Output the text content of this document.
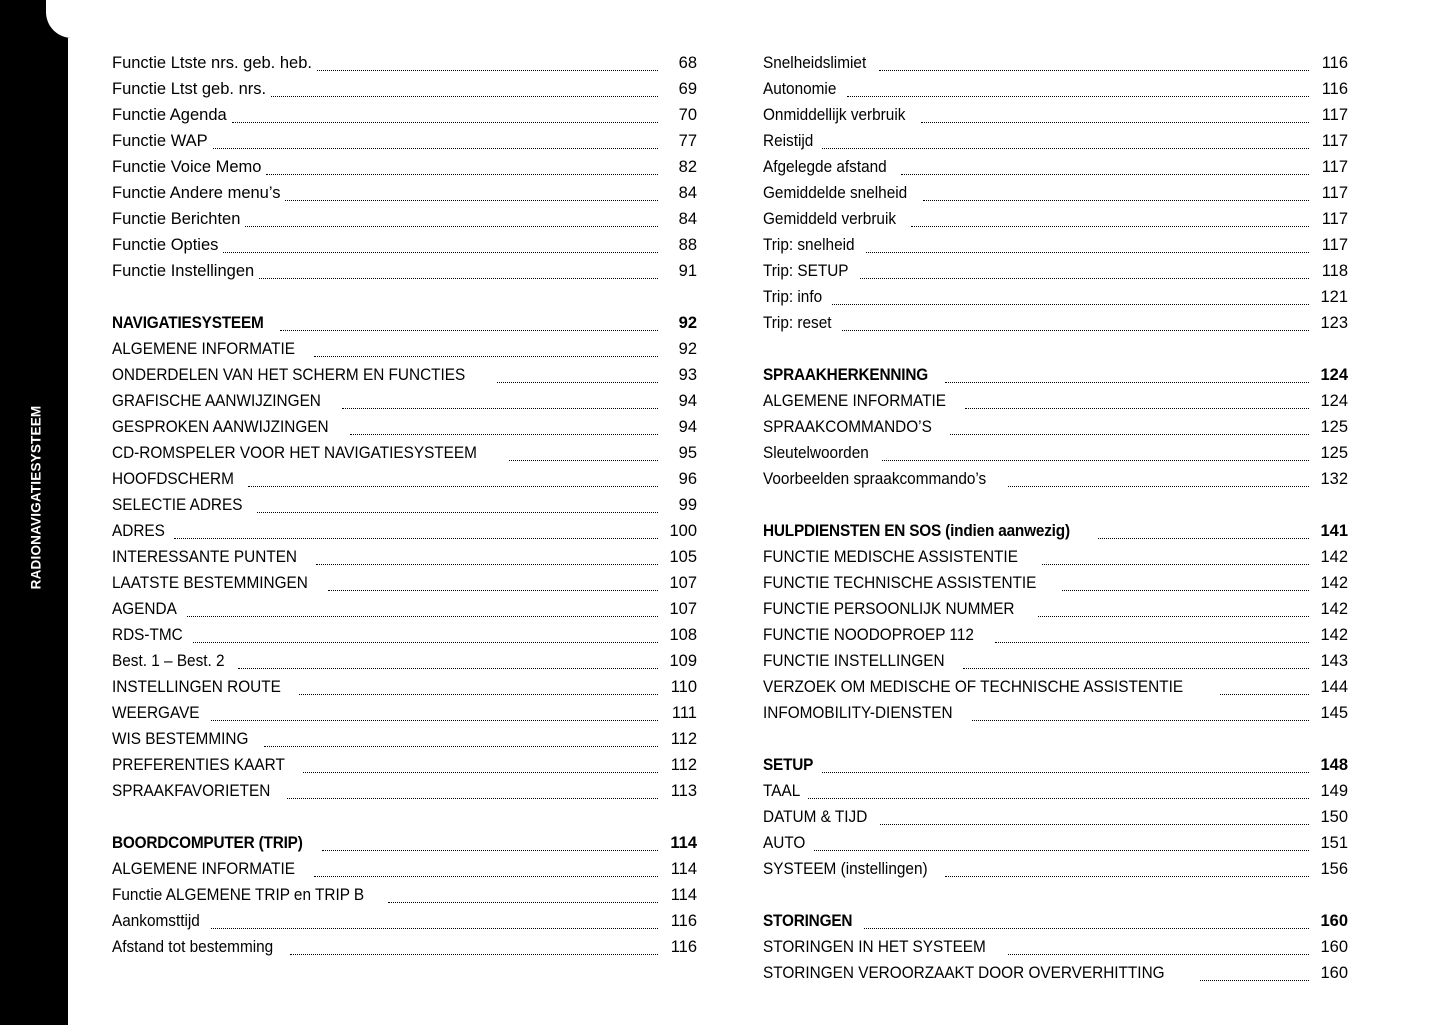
RADIONAVIGATIESYSTEEM
4
Functie Ltste nrs. geb. heb.	68
Functie Ltst geb. nrs.	69
Functie Agenda	70
Functie WAP	77
Functie Voice Memo	82
Functie Andere menu’s	84
Functie Berichten	84
Functie Opties	88
Functie Instellingen	91
NAVIGATIESYSTEEM	92
ALGEMENE INFORMATIE	92
ONDERDELEN VAN HET SCHERM EN FUNCTIES	93
GRAFISCHE AANWIJZINGEN	94
GESPROKEN AANWIJZINGEN	94
CD-ROMSPELER VOOR HET NAVIGATIESYSTEEM	95
HOOFDSCHERM	96
SELECTIE ADRES	99
ADRES	100
INTERESSANTE PUNTEN	105
LAATSTE BESTEMMINGEN	107
AGENDA	107
RDS-TMC	108
Best. 1 – Best. 2	109
INSTELLINGEN ROUTE	110
WEERGAVE	111
WIS BESTEMMING	112
PREFERENTIES KAART	112
SPRAAKFAVORIETEN	113
BOORDCOMPUTER (TRIP)	114
ALGEMENE INFORMATIE	114
Functie ALGEMENE TRIP en TRIP B	114
Aankomsttijd	116
Afstand tot bestemming	116
Snelheidslimiet	116
Autonomie	116
Onmiddellijk verbruik	117
Reistijd	117
Afgelegde afstand	117
Gemiddelde snelheid	117
Gemiddeld verbruik	117
Trip: snelheid	117
Trip: SETUP	118
Trip: info	121
Trip: reset	123
SPRAAKHERKENNING	124
ALGEMENE INFORMATIE	124
SPRAAKCOMMANDO’S	125
Sleutelwoorden	125
Voorbeelden spraakcommando’s	132
HULPDIENSTEN EN SOS (indien aanwezig)	141
FUNCTIE MEDISCHE ASSISTENTIE	142
FUNCTIE TECHNISCHE ASSISTENTIE	142
FUNCTIE PERSOONLIJK NUMMER	142
FUNCTIE NOODOPROEP 112	142
FUNCTIE INSTELLINGEN	143
VERZOEK OM MEDISCHE OF TECHNISCHE ASSISTENTIE	144
INFOMOBILITY-DIENSTEN	145
SETUP	148
TAAL	149
DATUM & TIJD	150
AUTO	151
SYSTEEM (instellingen)	156
STORINGEN	160
STORINGEN IN HET SYSTEEM	160
STORINGEN VEROORZAAKT DOOR OVERVERHITTING	160
